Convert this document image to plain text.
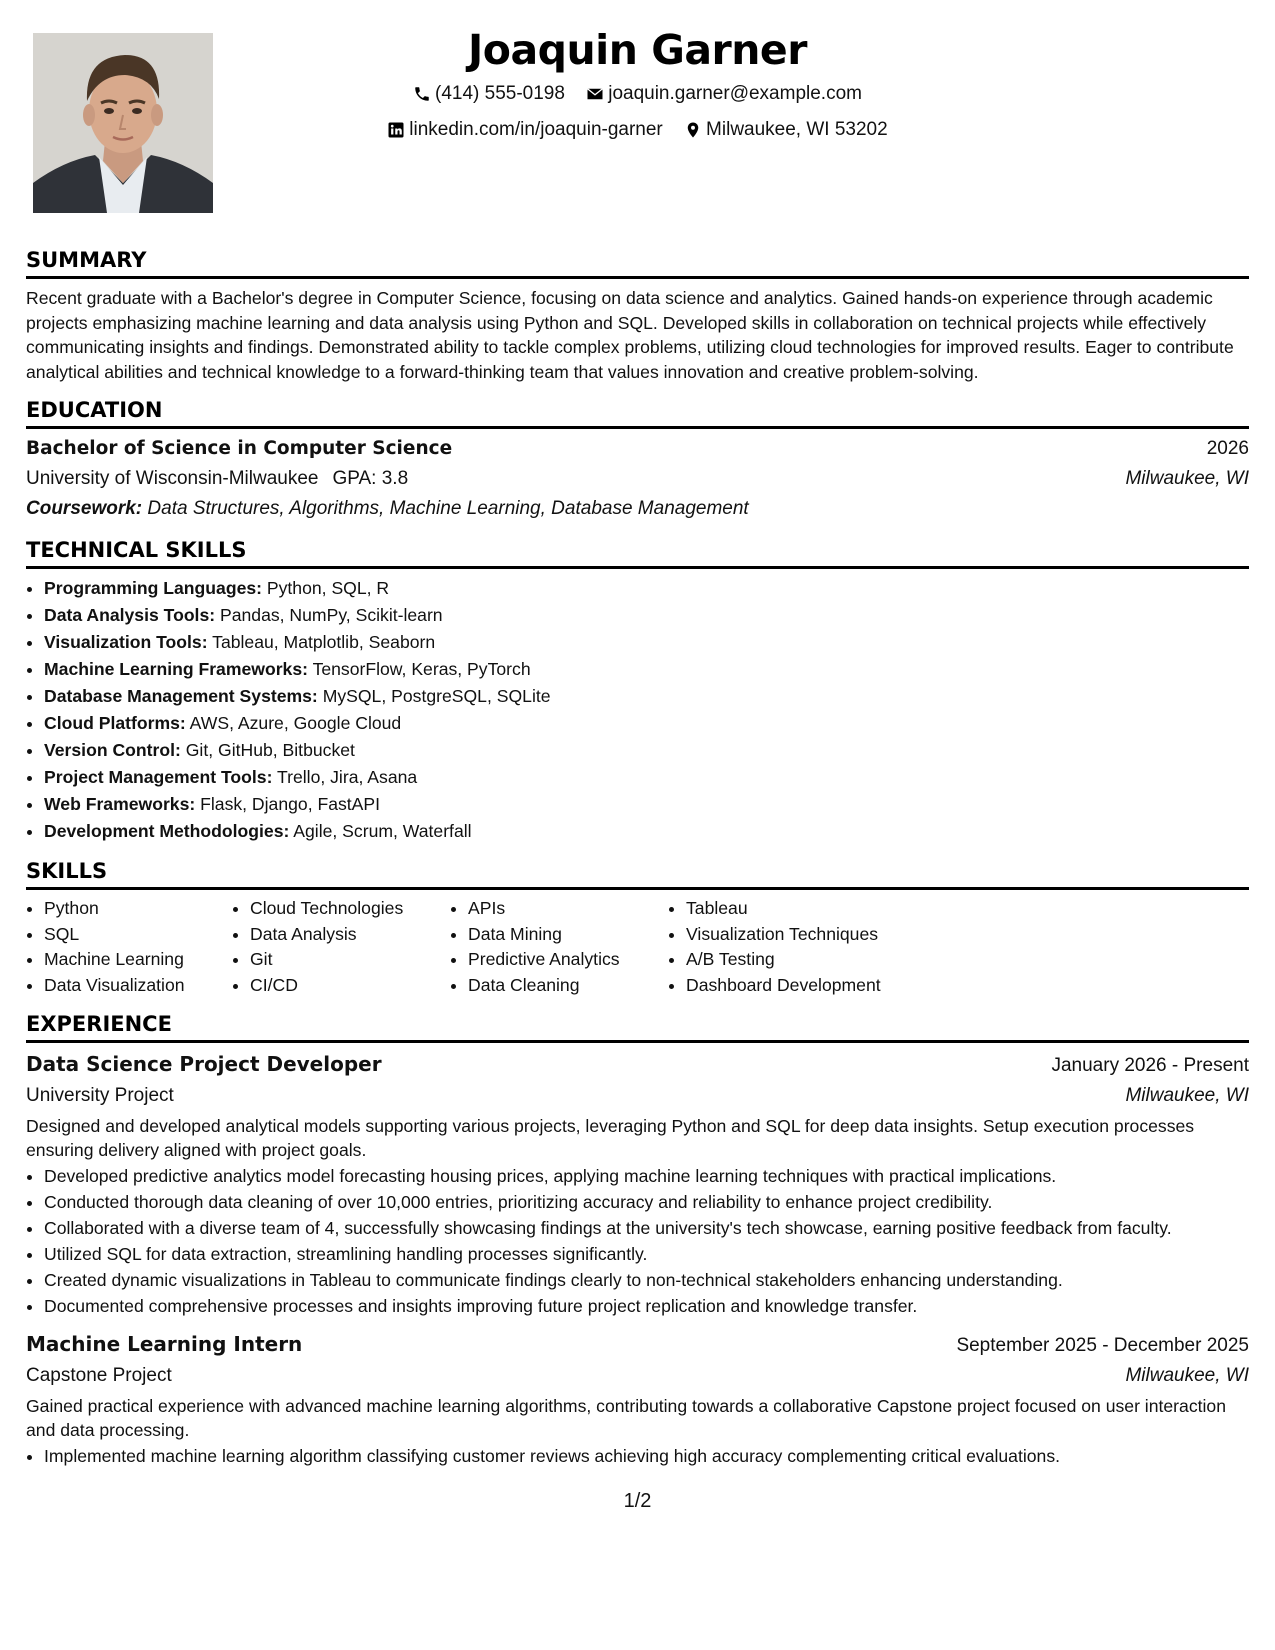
Joaquin Garner
(414) 555-0198
joaquin.garner@example.com
linkedin.com/in/joaquin-garner
Milwaukee, WI 53202
SUMMARY

Recent graduate with a Bachelor's degree in Computer Science, focusing on data science and analytics. Gained hands-on experience through academic projects emphasizing machine learning and data analysis using Python and SQL. Developed skills in collaboration on technical projects while effectively communicating insights and findings. Demonstrated ability to tackle complex problems, utilizing cloud technologies for improved results. Eager to contribute analytical abilities and technical knowledge to a forward-thinking team that values innovation and creative problem-solving.

EDUCATION
Bachelor of Science in Computer Science	2026
University of Wisconsin-Milwaukee GPA: 3.8	Milwaukee, WI
Coursework: Data Structures, Algorithms, Machine Learning, Database Management
TECHNICAL SKILLS
• Programming Languages: Python, SQL, R
• Data Analysis Tools: Pandas, NumPy, Scikit-learn
• Visualization Tools: Tableau, Matplotlib, Seaborn
• Machine Learning Frameworks: TensorFlow, Keras, PyTorch
• Database Management Systems: MySQL, PostgreSQL, SQLite
• Cloud Platforms: AWS, Azure, Google Cloud
• Version Control: Git, GitHub, Bitbucket
• Project Management Tools: Trello, Jira, Asana
• Web Frameworks: Flask, Django, FastAPI
• Development Methodologies: Agile, Scrum, Waterfall
SKILLS
• Python
• SQL
• Machine Learning
• Data Visualization
• Cloud Technologies
• Data Analysis
• Git
• CI/CD
• APIs
• Data Mining
• Predictive Analytics
• Data Cleaning
• Tableau
• Visualization Techniques
• A/B Testing
• Dashboard Development
EXPERIENCE
Data Science Project Developer	January 2026 - Present
University Project	Milwaukee, WI
Designed and developed analytical models supporting various projects, leveraging Python and SQL for deep data insights. Setup execution processes ensuring delivery aligned with project goals.
• Developed predictive analytics model forecasting housing prices, applying machine learning techniques with practical implications.
• Conducted thorough data cleaning of over 10,000 entries, prioritizing accuracy and reliability to enhance project credibility.
• Collaborated with a diverse team of 4, successfully showcasing findings at the university's tech showcase, earning positive feedback from faculty.
• Utilized SQL for data extraction, streamlining handling processes significantly.
• Created dynamic visualizations in Tableau to communicate findings clearly to non-technical stakeholders enhancing understanding.
• Documented comprehensive processes and insights improving future project replication and knowledge transfer.
Machine Learning Intern	September 2025 - December 2025
Capstone Project	Milwaukee, WI
Gained practical experience with advanced machine learning algorithms, contributing towards a collaborative Capstone project focused on user interaction and data processing.
• Implemented machine learning algorithm classifying customer reviews achieving high accuracy complementing critical evaluations.
1/2
